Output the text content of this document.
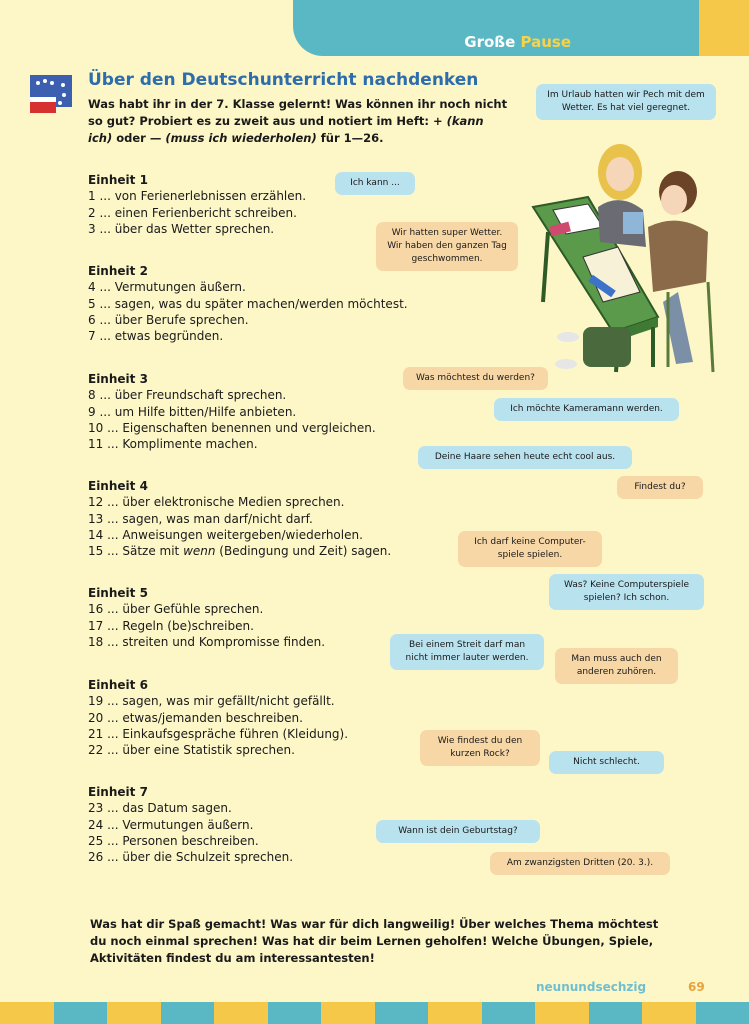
Große Pause
Über den Deutschunterricht nachdenken
Was habt ihr in der 7. Klasse gelernt! Was können ihr noch nicht so gut? Probiert es zu zweit aus und notiert im Heft: + (kann ich) oder — (muss ich wiederholen) für 1—26.
Einheit 1
1 ... von Ferienerlebnissen erzählen.
2 ... einen Ferienbericht schreiben.
3 ... über das Wetter sprechen.
Einheit 2
4 ... Vermutungen äußern.
5 ... sagen, was du später machen/werden möchtest.
6 ... über Berufe sprechen.
7 ... etwas begründen.
Einheit 3
8 ... über Freundschaft sprechen.
9 ... um Hilfe bitten/Hilfe anbieten.
10 ... Eigenschaften benennen und vergleichen.
11 ... Komplimente machen.
Einheit 4
12 ... über elektronische Medien sprechen.
13 ... sagen, was man darf/nicht darf.
14 ... Anweisungen weitergeben/wiederholen.
15 ... Sätze mit wenn (Bedingung und Zeit) sagen.
Einheit 5
16 ... über Gefühle sprechen.
17 ... Regeln (be)schreiben.
18 ... streiten und Kompromisse finden.
Einheit 6
19 ... sagen, was mir gefällt/nicht gefällt.
20 ... etwas/jemanden beschreiben.
21 ... Einkaufsgespräche führen (Kleidung).
22 ... über eine Statistik sprechen.
Einheit 7
23 ... das Datum sagen.
24 ... Vermutungen äußern.
25 ... Personen beschreiben.
26 ... über die Schulzeit sprechen.
Im Urlaub hatten wir Pech mit dem Wetter. Es hat viel geregnet.
Ich kann ...
Wir hatten super Wetter. Wir haben den ganzen Tag geschwommen.
Was möchtest du werden?
Ich möchte Kameramann werden.
Deine Haare sehen heute echt cool aus.
Findest du?
Ich darf keine Computer-spiele spielen.
Was? Keine Computerspiele spielen? Ich schon.
Bei einem Streit darf man nicht immer lauter werden.	Man muss auch den anderen zuhören.
Wie findest du den kurzen Rock?
Nicht schlecht.
Wann ist dein Geburtstag?
Am zwanzigsten Dritten (20. 3.).
Was hat dir Spaß gemacht! Was war für dich langweilig! Über welches Thema möchtest du noch einmal sprechen! Was hat dir beim Lernen geholfen! Welche Übungen, Spiele, Aktivitäten findest du am interessantesten!
neunundsechzig	69
